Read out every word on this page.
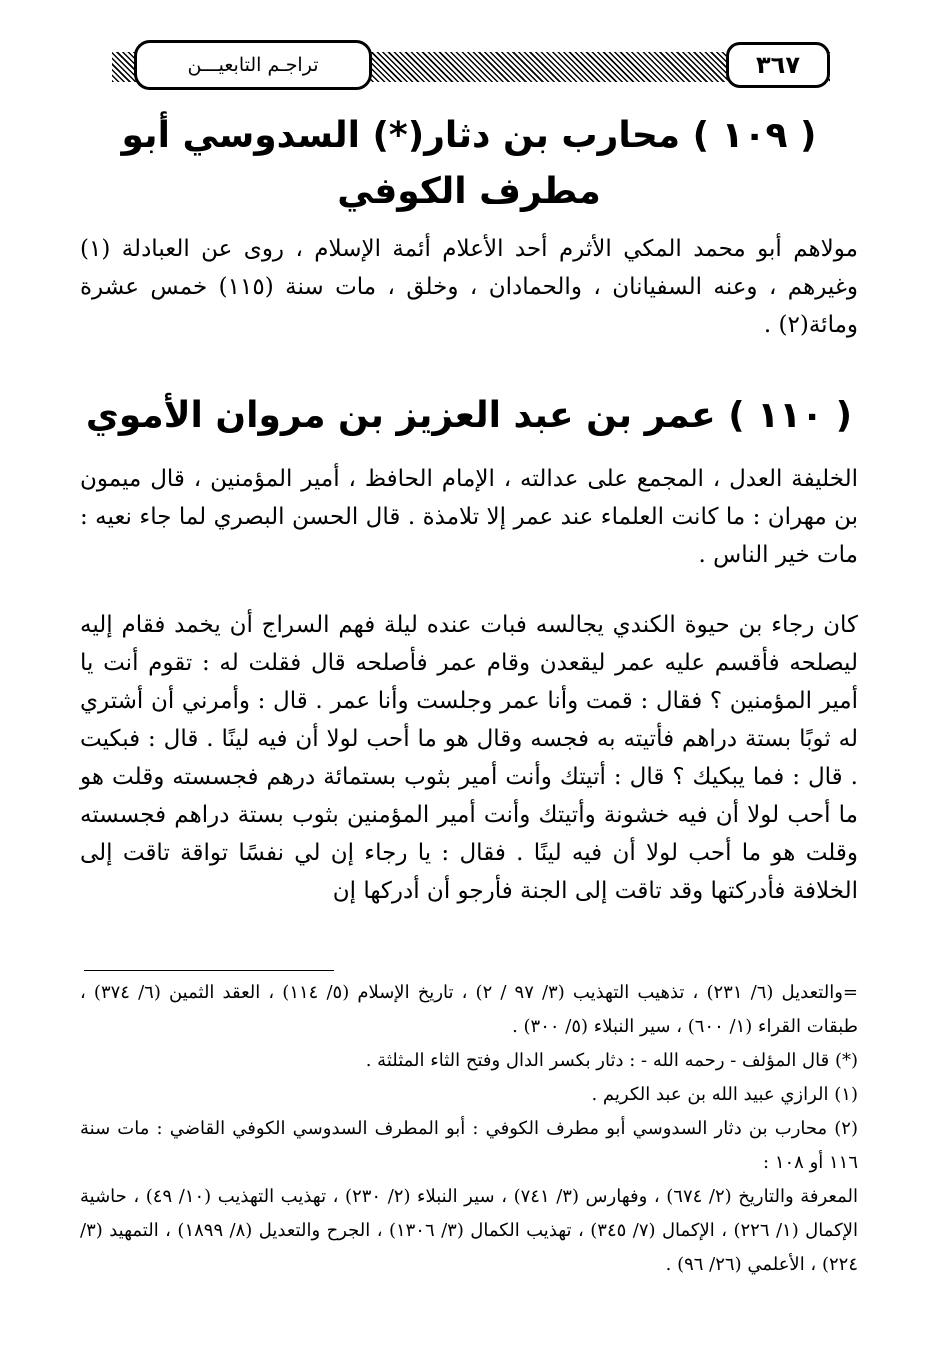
٣٦٧
تراجـم التابعيـــن
( ١٠٩ ) محارب بن دثار(*) السدوسي أبو مطرف الكوفي

مولاهم أبو محمد المكي الأثرم أحد الأعلام أئمة الإسلام ، روى عن العبادلة (١) وغيرهم ، وعنه السفيانان ، والحمادان ، وخلق ، مات سنة (١١٥) خمس عشرة ومائة(٢) .

( ١١٠ ) عمر بن عبد العزيز بن مروان الأموي

الخليفة العدل ، المجمع على عدالته ، الإمام الحافظ ، أمير المؤمنين ، قال ميمون بن مهران : ما كانت العلماء عند عمر إلا تلامذة . قال الحسن البصري لما جاء نعيه : مات خير الناس .

كان رجاء بن حيوة الكندي يجالسه فبات عنده ليلة فهم السراج أن يخمد فقام إليه ليصلحه فأقسم عليه عمر ليقعدن وقام عمر فأصلحه قال فقلت له : تقوم أنت يا أمير المؤمنين ؟ فقال : قمت وأنا عمر وجلست وأنا عمر . قال : وأمرني أن أشتري له ثوبًا بستة دراهم فأتيته به فجسه وقال هو ما أحب لولا أن فيه لينًا . قال : فبكيت . قال : فما يبكيك ؟ قال : أتيتك وأنت أمير بثوب بستمائة درهم فجسسته وقلت هو ما أحب لولا أن فيه خشونة وأتيتك وأنت أمير المؤمنين بثوب بستة دراهم فجسسته وقلت هو ما أحب لولا أن فيه لينًا . فقال : يا رجاء إن لي نفسًا تواقة تاقت إلى الخلافة فأدركتها وقد تاقت إلى الجنة فأرجو أن أدركها إن

=والتعديل (٦/ ٢٣١) ، تذهيب التهذيب (٣/ ٩٧ / ٢) ، تاريخ الإسلام (٥/ ١١٤) ، العقد الثمين (٦/ ٣٧٤) ، طبقات القراء (١/ ٦٠٠) ، سير النبلاء (٥/ ٣٠٠) .
(*) قال المؤلف - رحمه الله - : دثار بكسر الدال وفتح الثاء المثلثة .
(١) الرازي عبيد الله بن عبد الكريم .
(٢) محارب بن دثار السدوسي أبو مطرف الكوفي : أبو المطرف السدوسي الكوفي القاضي : مات سنة ١١٦ أو ١٠٨ :
المعرفة والتاريخ (٢/ ٦٧٤) ، وفهارس (٣/ ٧٤١) ، سير النبلاء (٢/ ٢٣٠) ، تهذيب التهذيب (١٠/ ٤٩) ، حاشية الإكمال (١/ ٢٢٦) ، الإكمال (٧/ ٣٤٥) ، تهذيب الكمال (٣/ ١٣٠٦) ، الجرح والتعديل (٨/ ١٨٩٩) ، التمهيد (٣/ ٢٢٤) ، الأعلمي (٢٦/ ٩٦) .
